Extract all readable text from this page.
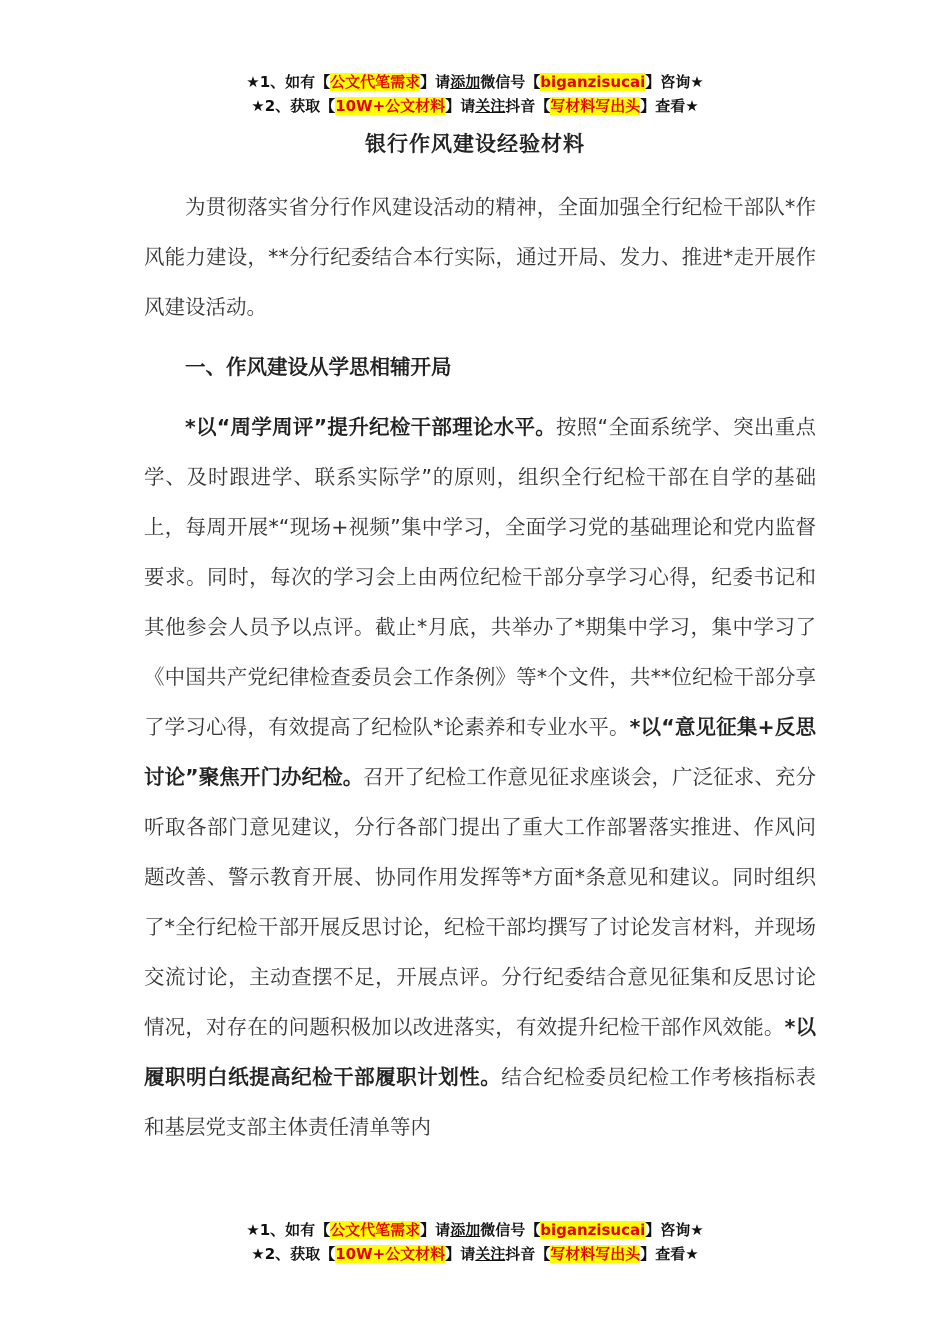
★1、如有【公文代笔需求】请添加微信号【biganzisucai】咨询★
★2、获取【10W+公文材料】请关注抖音【写材料写出头】查看★
银行作风建设经验材料

为贯彻落实省分行作风建设活动的精神，全面加强全行纪检干部队*作风能力建设，**分行纪委结合本行实际，通过开局、发力、推进*走开展作风建设活动。

一、作风建设从学思相辅开局

*以“周学周评”提升纪检干部理论水平。按照“全面系统学、突出重点学、及时跟进学、联系实际学”的原则，组织全行纪检干部在自学的基础上，每周开展*“现场+视频”集中学习，全面学习党的基础理论和党内监督要求。同时，每次的学习会上由两位纪检干部分享学习心得，纪委书记和其他参会人员予以点评。截止*月底，共举办了*期集中学习，集中学习了《中国共产党纪律检查委员会工作条例》等*个文件，共**位纪检干部分享了学习心得，有效提高了纪检队*论素养和专业水平。*以“意见征集+反思讨论”聚焦开门办纪检。召开了纪检工作意见征求座谈会，广泛征求、充分听取各部门意见建议，分行各部门提出了重大工作部署落实推进、作风问题改善、警示教育开展、协同作用发挥等*方面*条意见和建议。同时组织了*全行纪检干部开展反思讨论，纪检干部均撰写了讨论发言材料，并现场交流讨论，主动查摆不足，开展点评。分行纪委结合意见征集和反思讨论情况，对存在的问题积极加以改进落实，有效提升纪检干部作风效能。*以履职明白纸提高纪检干部履职计划性。结合纪检委员纪检工作考核指标表和基层党支部主体责任清单等内

★1、如有【公文代笔需求】请添加微信号【biganzisucai】咨询★
★2、获取【10W+公文材料】请关注抖音【写材料写出头】查看★
